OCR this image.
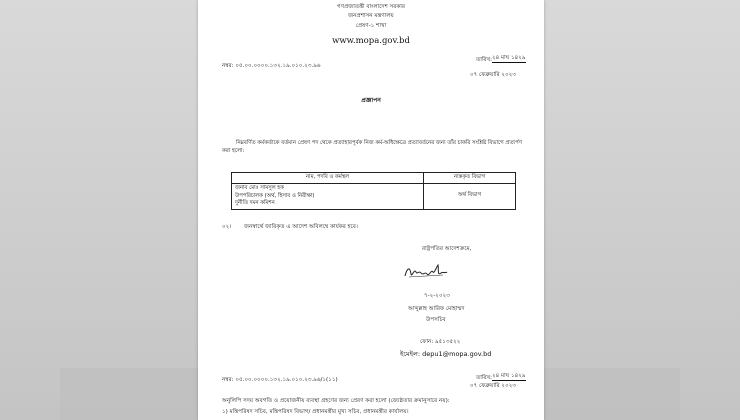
গণপ্রজাতন্ত্রী বাংলাদেশ সরকার
জনপ্রশাসন মন্ত্রণালয়
প্রেষণ-১ শাখা
www.mopa.gov.bd
নম্বর: ০৫.০০.০০০০.১৩২.১৯.০১০.২৩.৯৬
তারিখ: ২৪ মাঘ ১৪২৯
০৭ ফেব্রুয়ারি ২০২৩
প্রজ্ঞাপন
নিম্নবর্ণিত কর্মকর্তাকে বর্তমান প্রেষণ পদ থেকে প্রত্যাহারপূর্বক নিজ কর্ম-অধিক্ষেত্রে প্রত্যাবর্তনের জন্য তাঁর চাকরি সংশ্লিষ্ট বিভাগে প্রত্যর্পণ করা হলো:
নাম, পদবি ও কর্মস্থল	ন্যস্তকৃত বিভাগ

জনাব মোঃ সামসুল হক
উপপরিচালক (অর্থ, হিসাব ও নিরীক্ষা)
দুর্নীতি দমন কমিশন	অর্থ বিভাগ
০২। জনস্বার্থে জারিকৃত এ আদেশ অবিলম্বে কার্যকর হবে।
রাষ্ট্রপতির আদেশক্রমে,
৭-২-২০২৩
আব্দুল্লাহ আরিফ মোহাম্মদ
উপসচিব
ফোন: ৯৫১৩৫২২
ইমেইল: depu1@mopa.gov.bd
নম্বর: ০৫.০০.০০০০.১৩২.১৯.০১০.২৩.৯৬/১(১১)	তারিখ: ২৪ মাঘ ১৪২৯
০৭ ফেব্রুয়ারি ২০২৩
অনুলিপি সদয় অবগতি ও প্রয়োজনীয় ব্যবস্থা গ্রহণের জন্য প্রেরণ করা হলো (জ্যেষ্ঠতার ক্রমানুসারে নয়):
১) মন্ত্রিপরিষদ সচিব, মন্ত্রিপরিষদ বিভাগ/ প্রধানমন্ত্রীর মুখ্য সচিব, প্রধানমন্ত্রীর কার্যালয়।
